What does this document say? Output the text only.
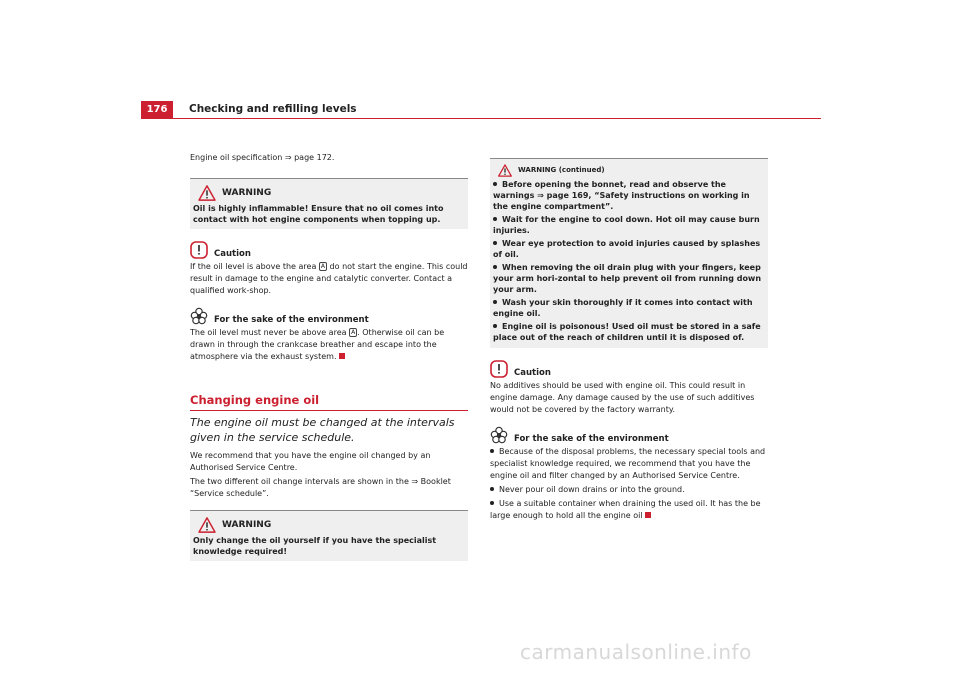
176	Checking and refilling levels

Engine oil specification ⇒ page 172.

WARNING
Oil is highly inflammable! Ensure that no oil comes into contact with hot engine components when topping up.
Caution

If the oil level is above the area A do not start the engine. This could result in damage to the engine and catalytic converter. Contact a qualified work-shop.

For the sake of the environment

The oil level must never be above area A . Otherwise oil can be drawn in through the crankcase breather and escape into the atmosphere via the exhaust system.

Changing engine oil
The engine oil must be changed at the intervals given in the service schedule.

We recommend that you have the engine oil changed by an Authorised Service Centre.

The two different oil change intervals are shown in the ⇒ Booklet “Service schedule”.

WARNING
Only change the oil yourself if you have the specialist knowledge required!
WARNING (continued)
Before opening the bonnet, read and observe the warnings ⇒ page 169, “Safety instructions on working in the engine compartment”.
Wait for the engine to cool down. Hot oil may cause burn injuries.
Wear eye protection to avoid injuries caused by splashes of oil.
When removing the oil drain plug with your fingers, keep your arm hori-zontal to help prevent oil from running down your arm.
Wash your skin thoroughly if it comes into contact with engine oil.
Engine oil is poisonous! Used oil must be stored in a safe place out of the reach of children until it is disposed of.
Caution

No additives should be used with engine oil. This could result in engine damage. Any damage caused by the use of such additives would not be covered by the factory warranty.

For the sake of the environment
Because of the disposal problems, the necessary special tools and specialist knowledge required, we recommend that you have the engine oil and filter changed by an Authorised Service Centre.
Never pour oil down drains or into the ground.
Use a suitable container when draining the used oil. It has the be large enough to hold all the engine oil
carmanualsonline.info
